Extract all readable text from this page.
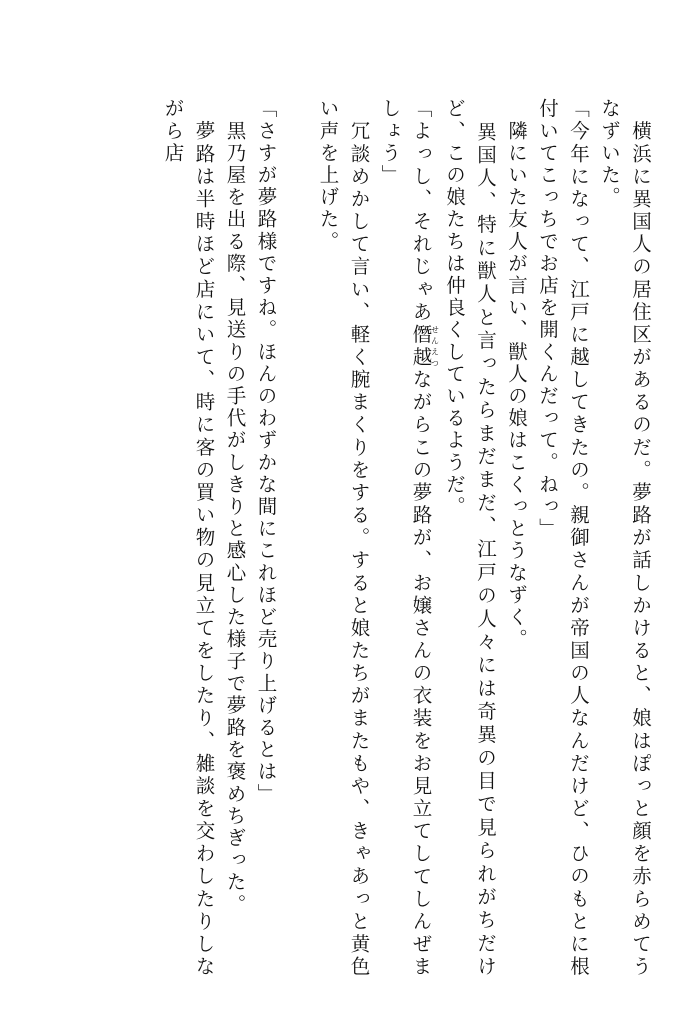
　横浜に異国人の居住区があるのだ。夢路が話しかけると、娘はぽっと顔を赤らめてうなずいた。
「今年になって、江戸に越してきたの。親御さんが帝国の人なんだけど、ひのもとに根付いてこっちでお店を開くんだって。ねっ」
　隣にいた友人が言い、獣人の娘はこくっとうなずく。
　異国人、特に獣人と言ったらまだまだ、江戸の人々には奇異の目で見られがちだけど、この娘たちは仲良くしているようだ。
「よっし、それじゃあ僭越せんえつながらこの夢路が、お嬢さんの衣装をお見立てしてしんぜましょう」
　冗談めかして言い、軽く腕まくりをする。すると娘たちがまたもや、きゃあっと黄色い声を上げた。
「さすが夢路様ですね。ほんのわずかな間にこれほど売り上げるとは」
　黒乃屋を出る際、見送りの手代がしきりと感心した様子で夢路を褒めちぎった。
　夢路は半時ほど店にいて、時に客の買い物の見立てをしたり、雑談を交わしたりしながら店
